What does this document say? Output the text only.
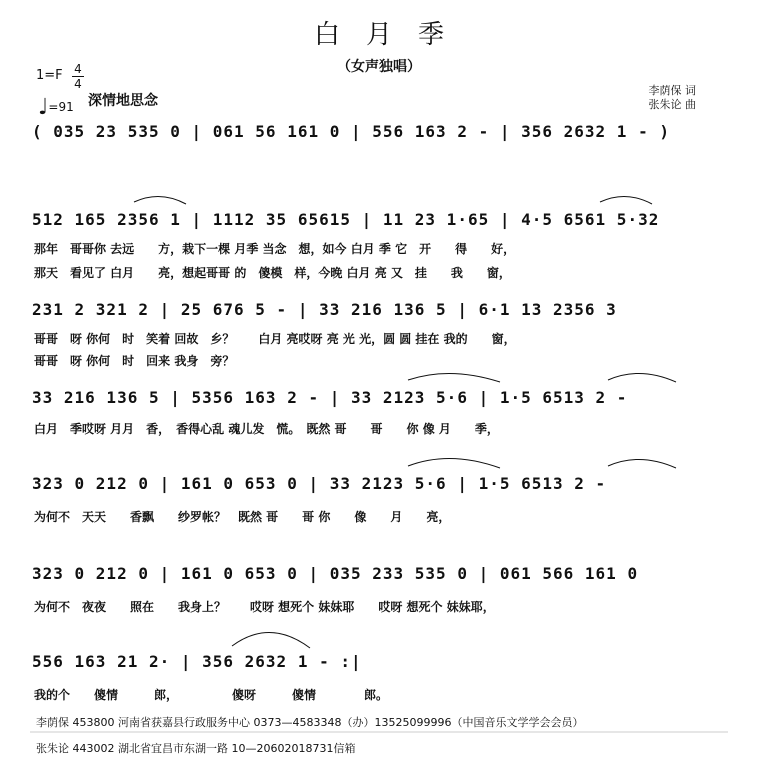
白　月　季
（女声独唱）
1=F 4
4
♩=91 深情地思念
李荫保 词
张朱论 曲
( 035 23 535 0 | 061 56 161 0 | 556 163 2 - | 356 2632 1 - )
512 165 2356 1 | 1112 35 65615 | 11 23 1·65 | 4·5 6561 5·32
那年　哥哥你 去远　　方，栽下一棵 月季 当念　想，如今 白月 季 它　开　　得　　好，
那天　看见了 白月　　亮，想起哥哥 的　傻模　样，今晚 白月 亮 又　挂　　我　　窗，
231 2 321 2 | 25 676 5 - | 33 216 136 5 | 6·1 13 2356 3
哥哥　呀 你何　时　笑着 回故　乡？　　白月 亮哎呀 亮 光 光，圆 圆 挂在 我的　　窗，
哥哥　呀 你何　时　回来 我身　旁？
33 216 136 5 | 5356 163 2 - | 33 2123 5·6 | 1·5 6513 2 -
白月　季哎呀 月月　香，　香得心乱 魂儿发　慌。　既然 哥　　哥　　你 像 月　　季，
323 0 212 0 | 161 0 653 0 | 33 2123 5·6 | 1·5 6513 2 -
为何不　天天　　香飘　　纱罗帐？　既然 哥　　哥 你　　像　　月　　亮，
323 0 212 0 | 161 0 653 0 | 035 233 535 0 | 061 566 161 0
为何不　夜夜　　照在　　我身上？　　哎呀 想死个 妹妹耶　　哎呀 想死个 妹妹耶，
556 163 21 2· | 356 2632 1 - :|
我的个　　傻情　　　郎，　　　　　傻呀　　　傻情　　　　郎。
李荫保 453800 河南省获嘉县行政服务中心 0373—4583348（办）13525099996（中国音乐文学学会会员）
张朱论 443002 湖北省宜昌市东湖一路 10—20602018731信箱
